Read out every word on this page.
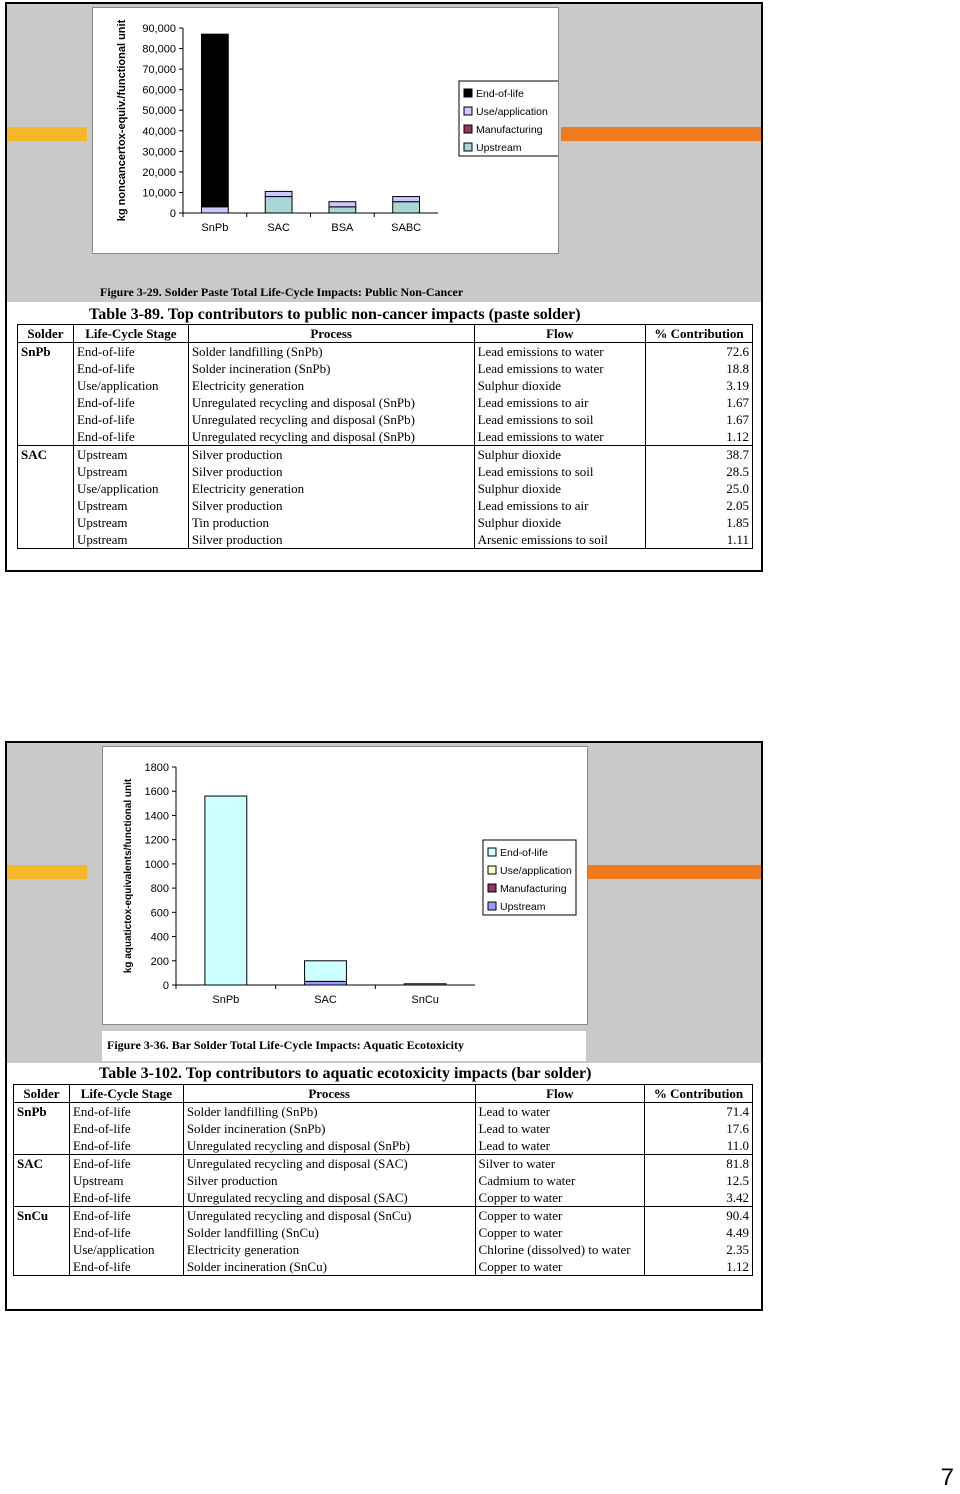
90,000
80,000
70,000
60,000
50,000
40,000
30,000
20,000
10,000
0
kg noncancertox-equiv./functional unit
SnPb	SAC	BSA	SABC
End-of-life
Use/application
Manufacturing
Upstream
Figure 3-29. Solder Paste Total Life-Cycle Impacts: Public Non-Cancer
Table 3-89. Top contributors to public non-cancer impacts (paste solder)
Solder	Life-Cycle Stage	Process	Flow	% Contribution
SnPb	End-of-life	Solder landfilling (SnPb)	Lead emissions to water	72.6
	End-of-life	Solder incineration (SnPb)	Lead emissions to water	18.8
	Use/application	Electricity generation	Sulphur dioxide	3.19
	End-of-life	Unregulated recycling and disposal (SnPb)	Lead emissions to air	1.67
	End-of-life	Unregulated recycling and disposal (SnPb)	Lead emissions to soil	1.67
	End-of-life	Unregulated recycling and disposal (SnPb)	Lead emissions to water	1.12
SAC	Upstream	Silver production	Sulphur dioxide	38.7
	Upstream	Silver production	Lead emissions to soil	28.5
	Use/application	Electricity generation	Sulphur dioxide	25.0
	Upstream	Silver production	Lead emissions to air	2.05
	Upstream	Tin production	Sulphur dioxide	1.85
	Upstream	Silver production	Arsenic emissions to soil	1.11
1800
1600
1400
1200
1000
800
600
400
200
0
kg aquatictox-equivalents/functional unit
SnPb	SAC	SnCu
End-of-life
Use/application
Manufacturing
Upstream
Figure 3-36. Bar Solder Total Life-Cycle Impacts: Aquatic Ecotoxicity
Table 3-102. Top contributors to aquatic ecotoxicity impacts (bar solder)
Solder	Life-Cycle Stage	Process	Flow	% Contribution
SnPb	End-of-life	Solder landfilling (SnPb)	Lead to water	71.4
	End-of-life	Solder incineration (SnPb)	Lead to water	17.6
	End-of-life	Unregulated recycling and disposal (SnPb)	Lead to water	11.0
SAC	End-of-life	Unregulated recycling and disposal (SAC)	Silver to water	81.8
	Upstream	Silver production	Cadmium to water	12.5
	End-of-life	Unregulated recycling and disposal (SAC)	Copper to water	3.42
SnCu	End-of-life	Unregulated recycling and disposal (SnCu)	Copper to water	90.4
	End-of-life	Solder landfilling (SnCu)	Copper to water	4.49
	Use/application	Electricity generation	Chlorine (dissolved) to water	2.35
	End-of-life	Solder incineration (SnCu)	Copper to water	1.12
7
